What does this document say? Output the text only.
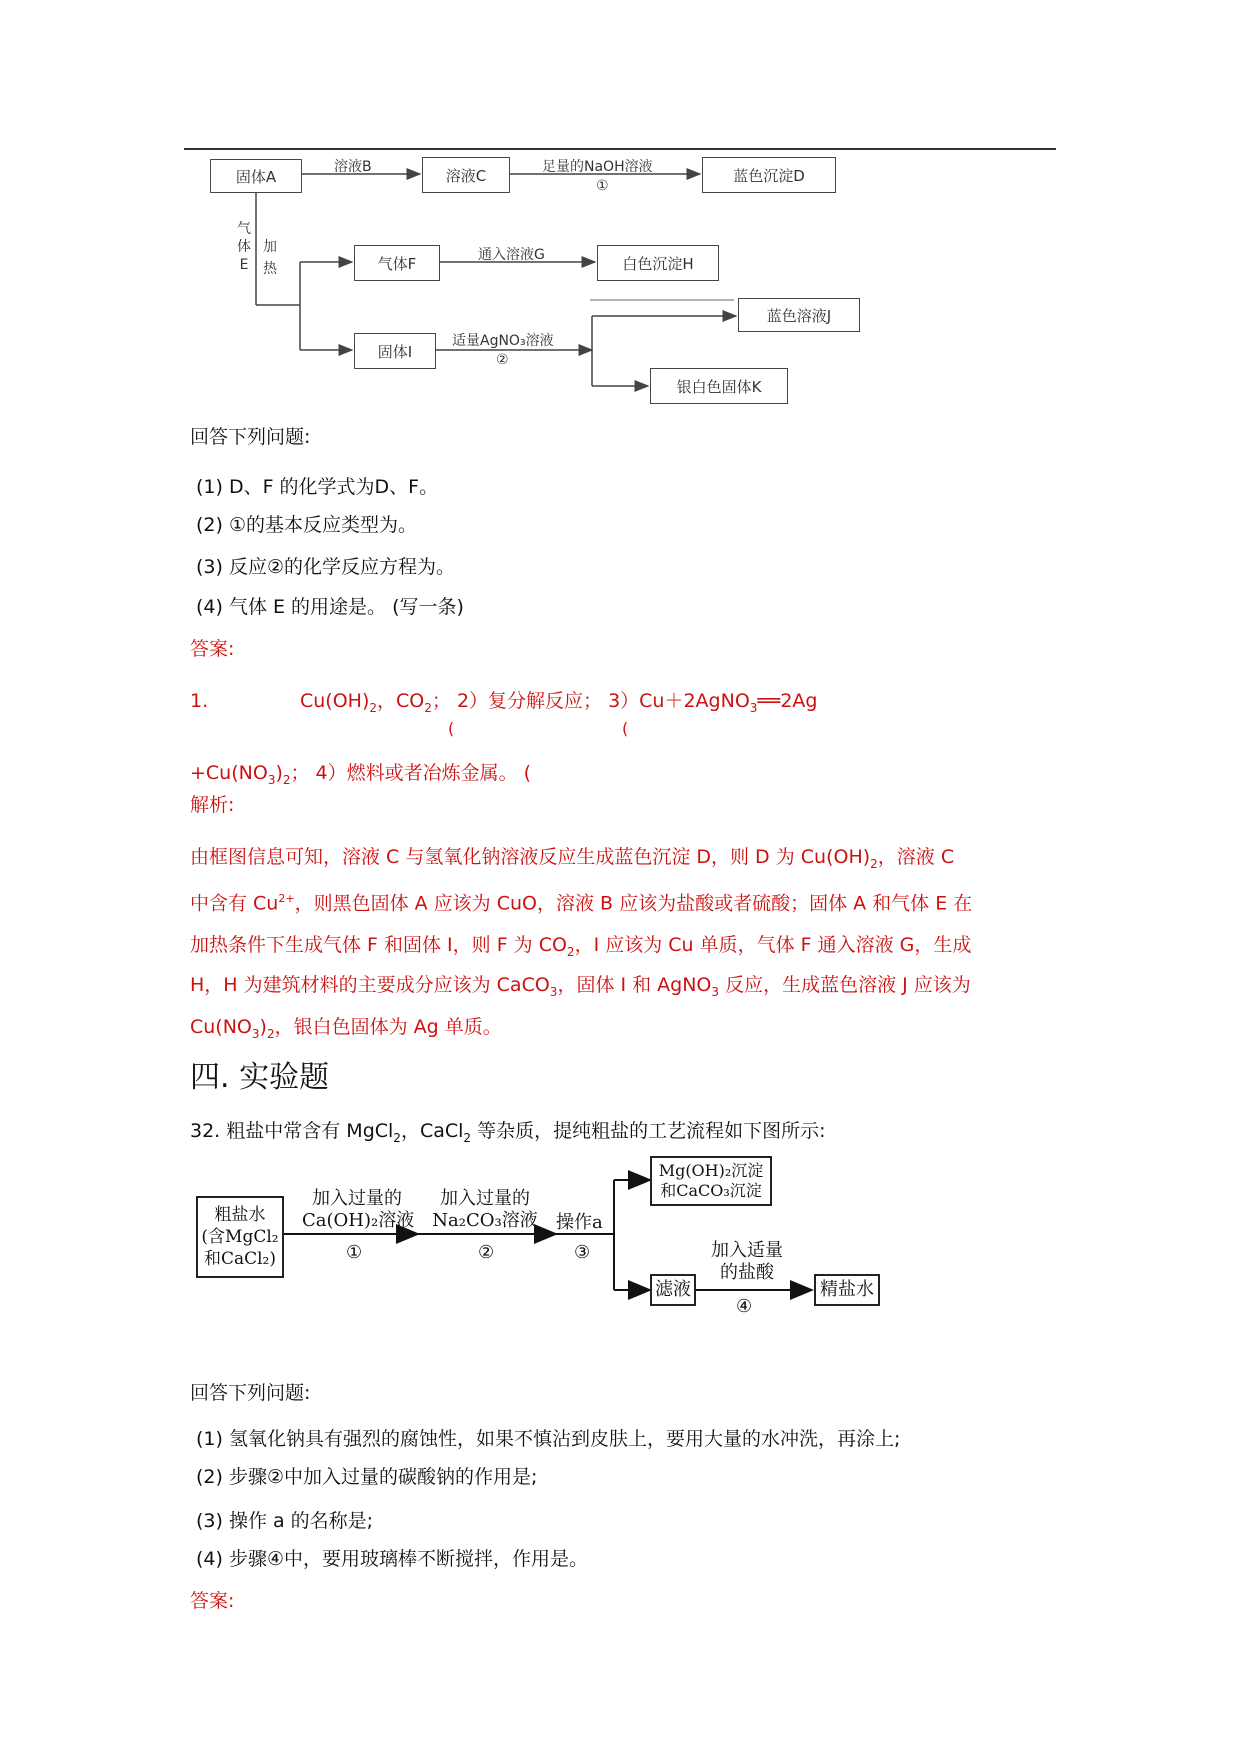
固体A	溶液C	蓝色沉淀D
气体F	白色沉淀H
固体I
蓝色溶液J
银白色固体K
溶液B	足量的NaOH溶液
①
气体E
加热
通入溶液G
适量AgNO₃溶液
②
回答下列问题:
(1) D、F 的化学式为D、F。
(2) ①的基本反应类型为。
(3) 反应②的化学反应方程为。
(4) 气体 E 的用途是。 (写一条)
答案:
1.	$Cu(OH)_2$，$CO_2$； 2）复分解反应； 3）Cu＋2AgNO$_3$══2Ag
(	(
$+Cu(NO_3)_2$； 4）燃料或者冶炼金属。 (
解析:
由框图信息可知，溶液 C 与氢氧化钠溶液反应生成蓝色沉淀 D，则 D 为 $Cu(OH)_2$，溶液 C
中含有 $Cu^{2+}$，则黑色固体 A 应该为 CuO，溶液 B 应该为盐酸或者硫酸；固体 A 和气体 E 在
加热条件下生成气体 F 和固体 I，则 F 为 $CO_2$，I 应该为 Cu 单质，气体 F 通入溶液 G，生成
H，H 为建筑材料的主要成分应该为 CaCO$_3$，固体 I 和 AgNO$_3$ 反应，生成蓝色溶液 J 应该为
$Cu(NO_3)_2$，银白色固体为 Ag 单质。
四. 实验题
32. 粗盐中常含有 MgCl$_2$，CaCl$_2$ 等杂质，提纯粗盐的工艺流程如下图所示:
粗盐水
(含MgCl₂
和CaCl₂)
加入过量的
Ca(OH)₂溶液
①
加入过量的
Na₂CO₃溶液
②
操作a
③
Mg(OH)₂沉淀
和CaCO₃沉淀
滤液
加入适量
的盐酸
④
精盐水
回答下列问题:
(1) 氢氧化钠具有强烈的腐蚀性，如果不慎沾到皮肤上，要用大量的水冲洗，再涂上;
(2) 步骤②中加入过量的碳酸钠的作用是;
(3) 操作 a 的名称是;
(4) 步骤④中，要用玻璃棒不断搅拌，作用是。
答案:
